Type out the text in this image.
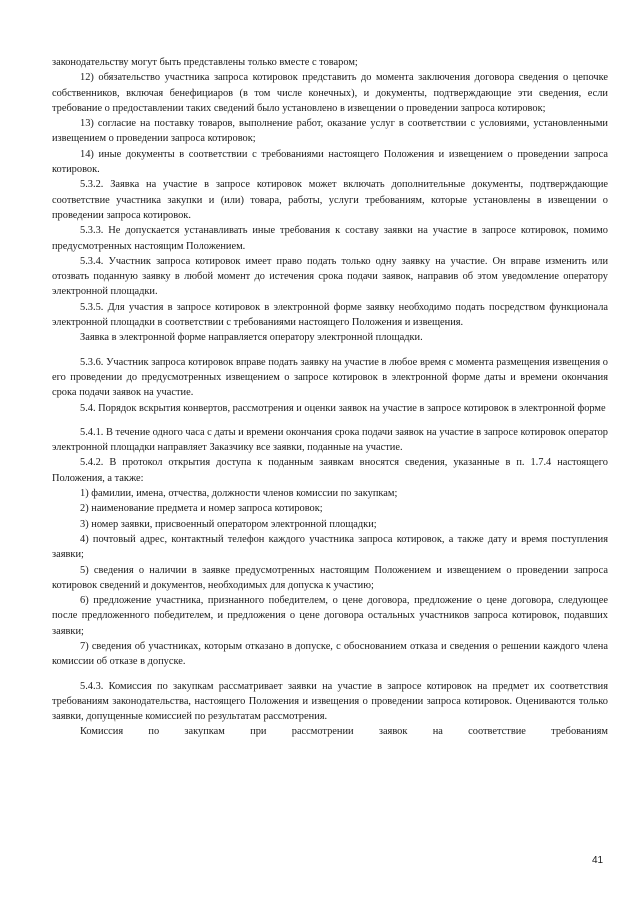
законодательству могут быть представлены только вместе с товаром;

12) обязательство участника запроса котировок представить до момента заключения договора сведения о цепочке собственников, включая бенефициаров (в том числе конечных), и документы, подтверждающие эти сведения, если требование о предоставлении таких сведений было установлено в извещении о проведении запроса котировок;

13) согласие на поставку товаров, выполнение работ, оказание услуг в соответствии с условиями, установленными извещением о проведении запроса котировок;

14) иные документы в соответствии с требованиями настоящего Положения и извещением о проведении запроса котировок.

5.3.2. Заявка на участие в запросе котировок может включать дополнительные документы, подтверждающие соответствие участника закупки и (или) товара, работы, услуги требованиям, которые установлены в извещении о проведении запроса котировок.

5.3.3. Не допускается устанавливать иные требования к составу заявки на участие в запросе котировок, помимо предусмотренных настоящим Положением.

5.3.4. Участник запроса котировок имеет право подать только одну заявку на участие. Он вправе изменить или отозвать поданную заявку в любой момент до истечения срока подачи заявок, направив об этом уведомление оператору электронной площадки.

5.3.5. Для участия в запросе котировок в электронной форме заявку необходимо подать посредством функционала электронной площадки в соответствии с требованиями настоящего Положения и извещения.

Заявка в электронной форме направляется оператору электронной площадки.

5.3.6. Участник запроса котировок вправе подать заявку на участие в любое время с момента размещения извещения о его проведении до предусмотренных извещением о запросе котировок в электронной форме даты и времени окончания срока подачи заявок на участие.

5.4. Порядок вскрытия конвертов, рассмотрения и оценки заявок на участие в запросе котировок в электронной форме

5.4.1. В течение одного часа с даты и времени окончания срока подачи заявок на участие в запросе котировок оператор электронной площадки направляет Заказчику все заявки, поданные на участие.

5.4.2. В протокол открытия доступа к поданным заявкам вносятся сведения, указанные в п. 1.7.4 настоящего Положения, а также:

1) фамилии, имена, отчества, должности членов комиссии по закупкам;

2) наименование предмета и номер запроса котировок;

3) номер заявки, присвоенный оператором электронной площадки;

4) почтовый адрес, контактный телефон каждого участника запроса котировок, а также дату и время поступления заявки;

5) сведения о наличии в заявке предусмотренных настоящим Положением и извещением о проведении запроса котировок сведений и документов, необходимых для допуска к участию;

6) предложение участника, признанного победителем, о цене договора, предложение о цене договора, следующее после предложенного победителем, и предложения о цене договора остальных участников запроса котировок, подавших заявки;

7) сведения об участниках, которым отказано в допуске, с обоснованием отказа и сведения о решении каждого члена комиссии об отказе в допуске.

5.4.3. Комиссия по закупкам рассматривает заявки на участие в запросе котировок на предмет их соответствия требованиям законодательства, настоящего Положения и извещения о проведении запроса котировок. Оцениваются только заявки, допущенные комиссией по результатам рассмотрения.

Комиссия по закупкам при рассмотрении заявок на соответствие требованиям

41
